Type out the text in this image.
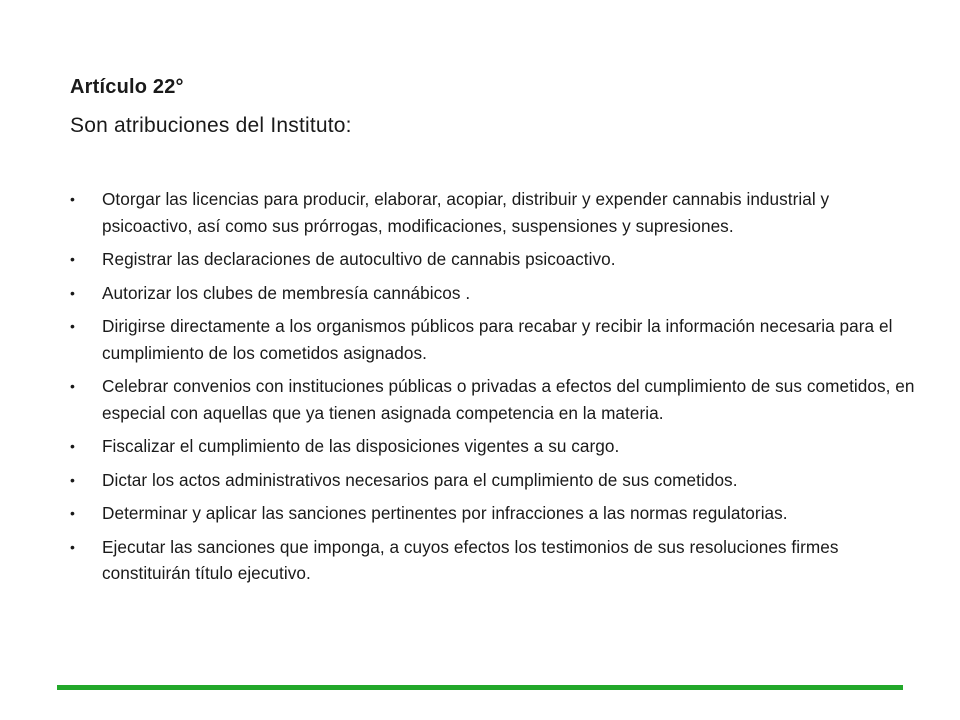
Artículo 22°
Son atribuciones del Instituto:
• Otorgar las licencias para producir, elaborar, acopiar, distribuir y expender cannabis industrial y psicoactivo, así como sus prórrogas, modificaciones, suspensiones y supresiones.
• Registrar las declaraciones de autocultivo de cannabis psicoactivo.
• Autorizar los clubes de membresía cannábicos .
• Dirigirse directamente a los organismos públicos para recabar y recibir la información necesaria para el cumplimiento de los cometidos asignados.
• Celebrar convenios con instituciones públicas o privadas a efectos del cumplimiento de sus cometidos, en especial con aquellas que ya tienen asignada competencia en la materia.
• Fiscalizar el cumplimiento de las disposiciones vigentes a su cargo.
• Dictar los actos administrativos necesarios para el cumplimiento de sus cometidos.
• Determinar y aplicar las sanciones pertinentes por infracciones a las normas regulatorias.
• Ejecutar las sanciones que imponga, a cuyos efectos los testimonios de sus resoluciones firmes constituirán título ejecutivo.
